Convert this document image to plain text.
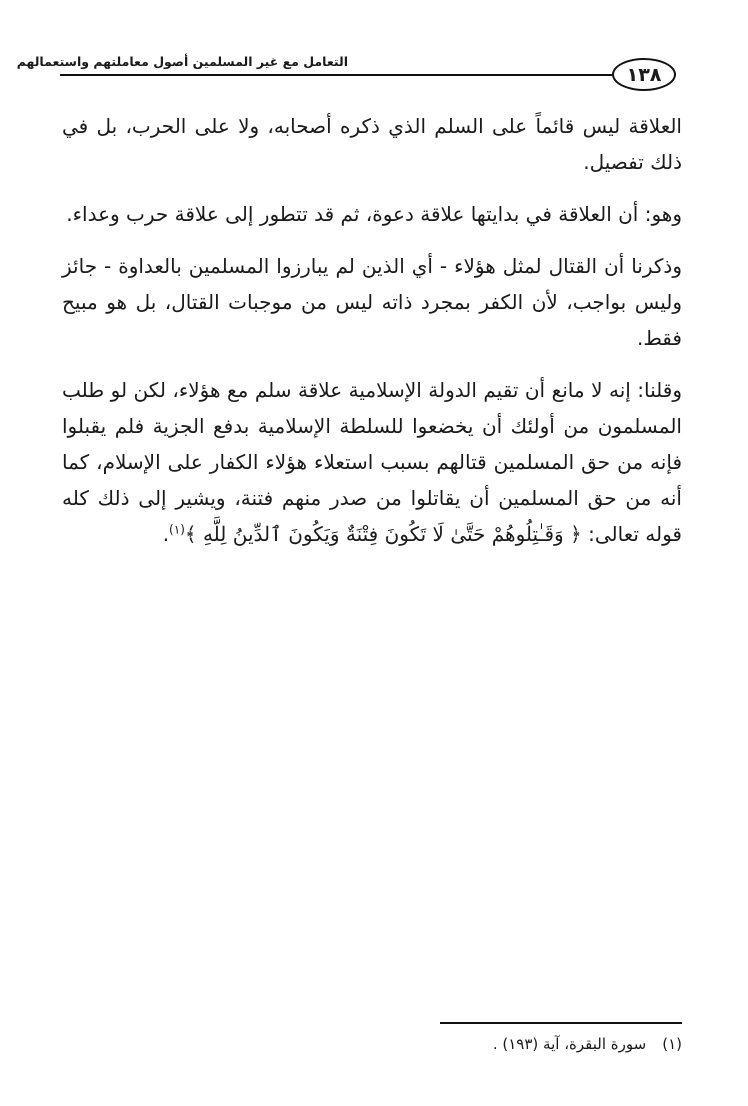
التعامل مع غير المسلمين أصول معاملتهم واستعمالهم
١٣٨

العلاقة ليس قائماً على السلم الذي ذكره أصحابه، ولا على الحرب، بل في ذلك تفصيل.

وهو: أن العلاقة في بدايتها علاقة دعوة، ثم قد تتطور إلى علاقة حرب وعداء.

وذكرنا أن القتال لمثل هؤلاء - أي الذين لم يبارزوا المسلمين بالعداوة - جائز وليس بواجب، لأن الكفر بمجرد ذاته ليس من موجبات القتال، بل هو مبيح فقط.

وقلنا: إنه لا مانع أن تقيم الدولة الإسلامية علاقة سلم مع هؤلاء، لكن لو طلب المسلمون من أولئك أن يخضعوا للسلطة الإسلامية بدفع الجزية فلم يقبلوا فإنه من حق المسلمين قتالهم بسبب استعلاء هؤلاء الكفار على الإسلام، كما أنه من حق المسلمين أن يقاتلوا من صدر منهم فتنة، ويشير إلى ذلك كله قوله تعالى: ﴿ وَقَـٰتِلُوهُمْ حَتَّىٰ لَا تَكُونَ فِتْنَةٌ وَيَكُونَ ٱلدِّينُ لِلَّهِ ﴾$^{(١)}$.

(١)سورة البقرة، آية (١٩٣) .
